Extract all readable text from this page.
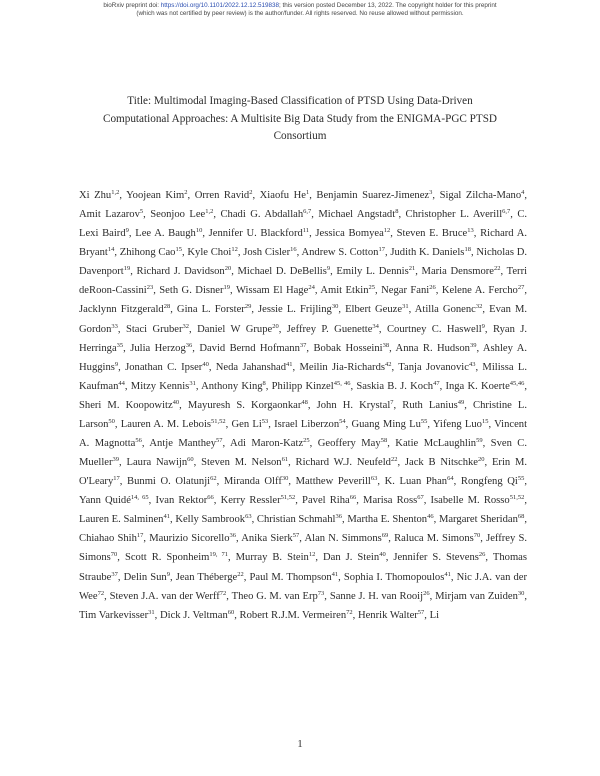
bioRxiv preprint doi: https://doi.org/10.1101/2022.12.12.519838; this version posted December 13, 2022. The copyright holder for this preprint
(which was not certified by peer review) is the author/funder. All rights reserved. No reuse allowed without permission.
Title: Multimodal Imaging-Based Classification of PTSD Using Data-Driven
Computational Approaches: A Multisite Big Data Study from the ENIGMA-PGC PTSD
Consortium
Xi Zhu$^{1,2}$, Yoojean Kim$^2$, Orren Ravid$^2$, Xiaofu He$^1$, Benjamin Suarez-Jimenez$^3$, Sigal Zilcha-Mano$^4$, Amit Lazarov$^5$, Seonjoo Lee$^{1,2}$, Chadi G. Abdallah$^{6,7}$, Michael Angstadt$^8$, Christopher L. Averill$^{6,7}$, C. Lexi Baird$^9$, Lee A. Baugh$^{10}$, Jennifer U. Blackford$^{11}$, Jessica Bomyea$^{12}$, Steven E. Bruce$^{13}$, Richard A. Bryant$^{14}$, Zhihong Cao$^{15}$, Kyle Choi$^{12}$, Josh Cisler$^{16}$, Andrew S. Cotton$^{17}$, Judith K. Daniels$^{18}$, Nicholas D. Davenport$^{19}$, Richard J. Davidson$^{20}$, Michael D. DeBellis$^9$, Emily L. Dennis$^{21}$, Maria Densmore$^{22}$, Terri deRoon-Cassini$^{23}$, Seth G. Disner$^{19}$, Wissam El Hage$^{24}$, Amit Etkin$^{25}$, Negar Fani$^{26}$, Kelene A. Fercho$^{27}$, Jacklynn Fitzgerald$^{28}$, Gina L. Forster$^{29}$, Jessie L. Frijling$^{30}$, Elbert Geuze$^{31}$, Atilla Gonenc$^{32}$, Evan M. Gordon$^{33}$, Staci Gruber$^{32}$, Daniel W Grupe$^{20}$, Jeffrey P. Guenette$^{34}$, Courtney C. Haswell$^9$, Ryan J. Herringa$^{35}$, Julia Herzog$^{36}$, David Bernd Hofmann$^{37}$, Bobak Hosseini$^{38}$, Anna R. Hudson$^{39}$, Ashley A. Huggins$^9$, Jonathan C. Ipser$^{40}$, Neda Jahanshad$^{41}$, Meilin Jia-Richards$^{42}$, Tanja Jovanovic$^{43}$, Milissa L. Kaufman$^{44}$, Mitzy Kennis$^{31}$, Anthony King$^8$, Philipp Kinzel$^{45, 46}$, Saskia B. J. Koch$^{47}$, Inga K. Koerte$^{45,46}$, Sheri M. Koopowitz$^{40}$, Mayuresh S. Korgaonkar$^{48}$, John H. Krystal$^7$, Ruth Lanius$^{49}$, Christine L. Larson$^{50}$, Lauren A. M. Lebois$^{51,52}$, Gen Li$^{53}$, Israel Liberzon$^{54}$, Guang Ming Lu$^{55}$, Yifeng Luo$^{15}$, Vincent A. Magnotta$^{56}$, Antje Manthey$^{57}$, Adi Maron-Katz$^{25}$, Geoffery May$^{58}$, Katie McLaughlin$^{59}$, Sven C. Mueller$^{39}$, Laura Nawijn$^{60}$, Steven M. Nelson$^{61}$, Richard W.J. Neufeld$^{22}$, Jack B Nitschke$^{20}$, Erin M. O'Leary$^{17}$, Bunmi O. Olatunji$^{62}$, Miranda Olff$^{30}$, Matthew Peverill$^{63}$, K. Luan Phan$^{64}$, Rongfeng Qi$^{55}$, Yann Quidé$^{14, 65}$, Ivan Rektor$^{66}$, Kerry Ressler$^{51,52}$, Pavel Riha$^{66}$, Marisa Ross$^{67}$, Isabelle M. Rosso$^{51,52}$, Lauren E. Salminen$^{41}$, Kelly Sambrook$^{63}$, Christian Schmahl$^{36}$, Martha E. Shenton$^{46}$, Margaret Sheridan$^{68}$, Chiahao Shih$^{17}$, Maurizio Sicorello$^{36}$, Anika Sierk$^{57}$, Alan N. Simmons$^{69}$, Raluca M. Simons$^{70}$, Jeffrey S. Simons$^{70}$, Scott R. Sponheim$^{19, 71}$, Murray B. Stein$^{12}$, Dan J. Stein$^{40}$, Jennifer S. Stevens$^{26}$, Thomas Straube$^{37}$, Delin Sun$^9$, Jean Théberge$^{22}$, Paul M. Thompson$^{41}$, Sophia I. Thomopoulos$^{41}$, Nic J.A. van der Wee$^{72}$, Steven J.A. van der Werff$^{72}$, Theo G. M. van Erp$^{73}$, Sanne J. H. van Rooij$^{26}$, Mirjam van Zuiden$^{30}$, Tim Varkevisser$^{31}$, Dick J. Veltman$^{60}$, Robert R.J.M. Vermeiren$^{72}$, Henrik Walter$^{57}$, Li
1
